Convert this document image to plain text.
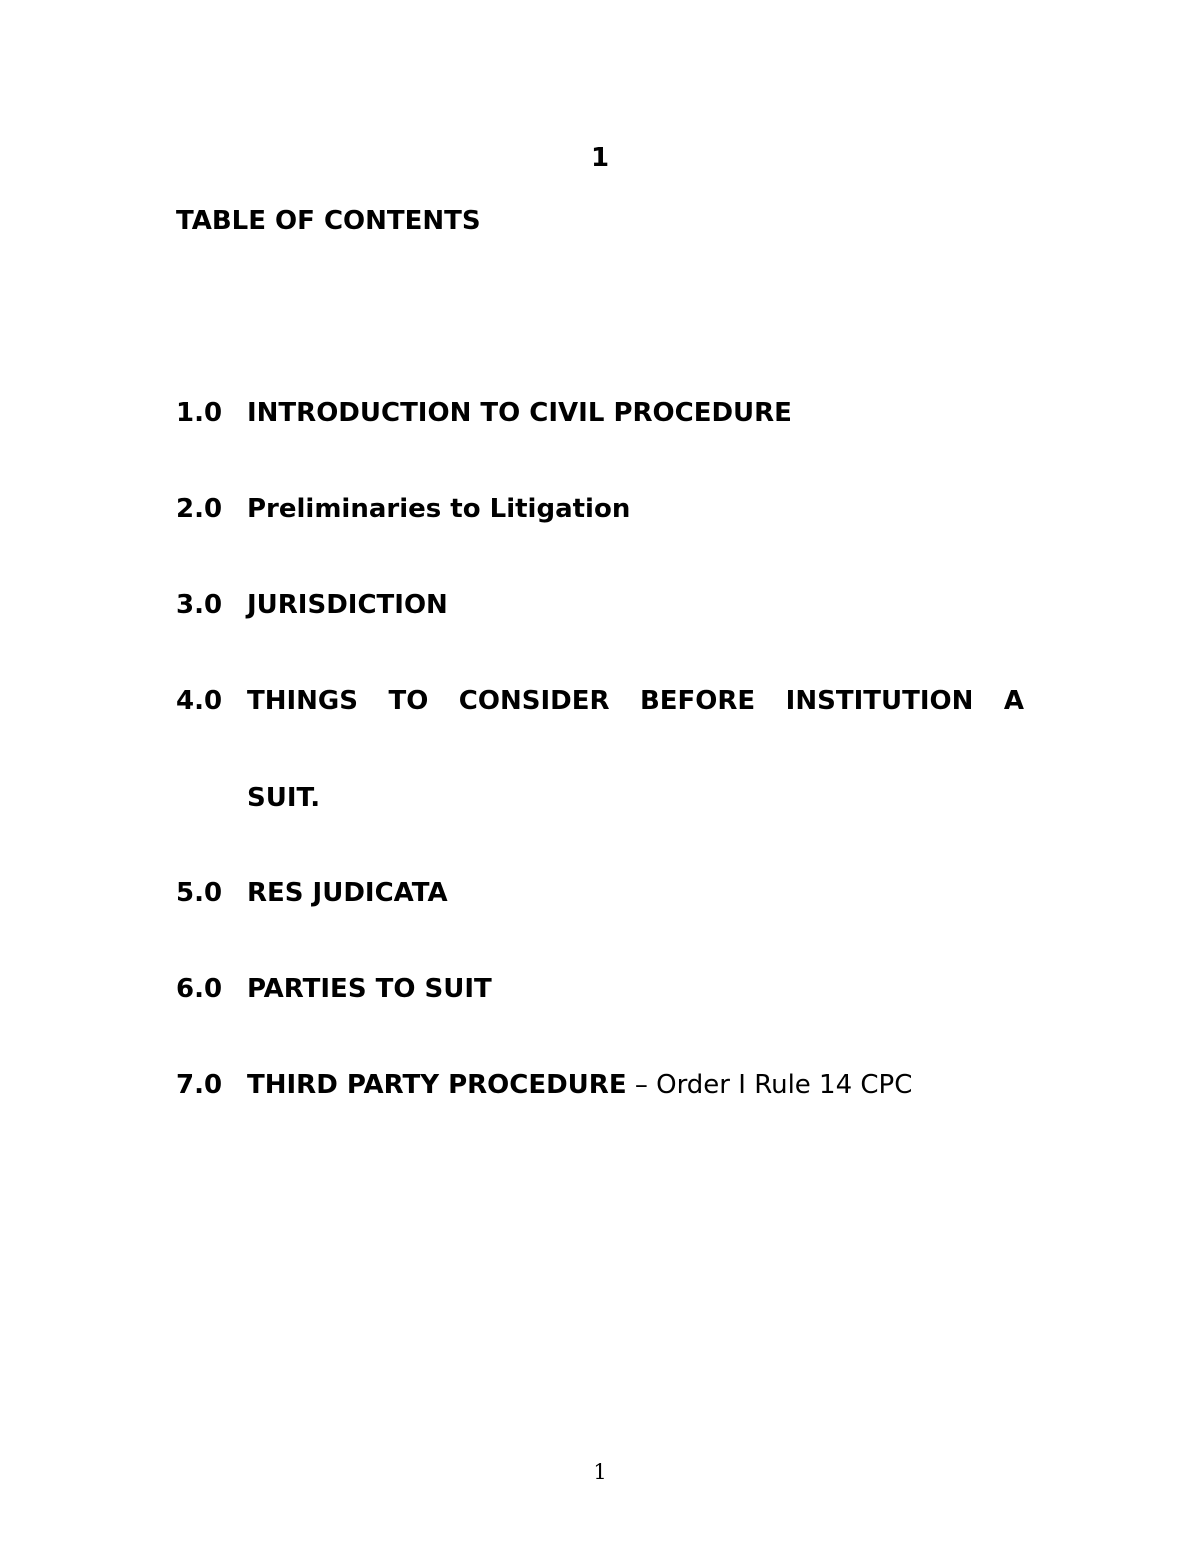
1
TABLE OF CONTENTS
1.0 INTRODUCTION TO CIVIL PROCEDURE
2.0 Preliminaries to Litigation
3.0 JURISDICTION
4.0 THINGS TO CONSIDER BEFORE INSTITUTION A
SUIT.
5.0 RES JUDICATA
6.0 PARTIES TO SUIT
7.0 THIRD PARTY PROCEDURE – Order I Rule 14 CPC
1
